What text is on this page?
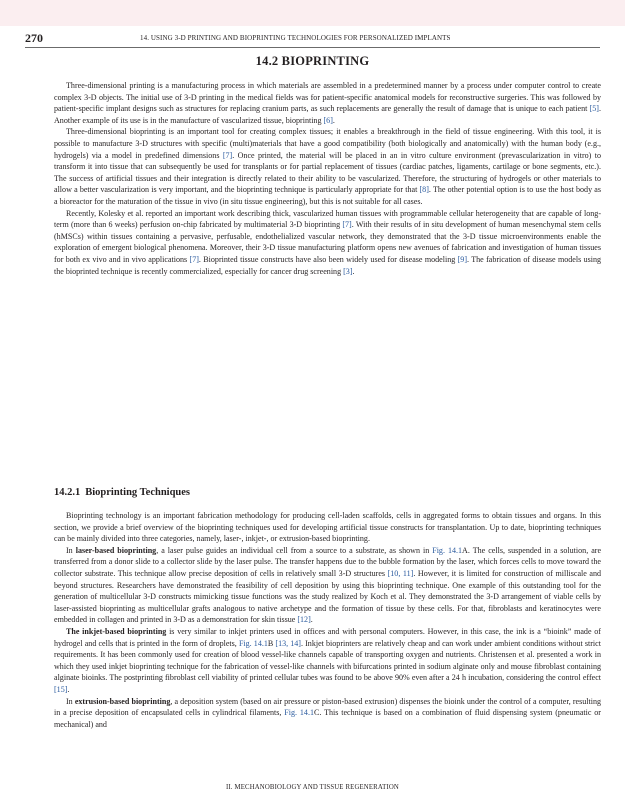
270	14. USING 3-D PRINTING AND BIOPRINTING TECHNOLOGIES FOR PERSONALIZED IMPLANTS
14.2 BIOPRINTING

Three-dimensional printing is a manufacturing process in which materials are assembled in a predetermined manner by a process under computer control to create complex 3-D objects. The initial use of 3-D printing in the medical fields was for patient-specific anatomical models for reconstructive surgeries. This was followed by patient-specific implant designs such as structures for replacing cranium parts, as such replacements are generally the result of damage that is unique to each patient [5]. Another example of its use is in the manufacture of vascularized tissue, bioprinting [6].

Three-dimensional bioprinting is an important tool for creating complex tissues; it enables a breakthrough in the field of tissue engineering. With this tool, it is possible to manufacture 3-D structures with specific (multi)materials that have a good compatibility (both biologically and anatomically) with the human body (e.g., hydrogels) via a model in predefined dimensions [7]. Once printed, the material will be placed in an in vitro culture environment (prevascularization in vitro) to transform it into tissue that can subsequently be used for transplants or for partial replacement of tissues (cardiac patches, ligaments, cartilage or bone segments, etc.). The success of artificial tissues and their integration is directly related to their ability to be vascularized. Therefore, the structuring of hydrogels or other materials to allow a better vascularization is very important, and the bioprinting technique is particularly appropriate for that [8]. The other potential option is to use the host body as a bioreactor for the maturation of the tissue in vivo (in situ tissue engineering), but this is not suitable for all cases.

Recently, Kolesky et al. reported an important work describing thick, vascularized human tissues with programmable cellular heterogeneity that are capable of long-term (more than 6 weeks) perfusion on-chip fabricated by multimaterial 3-D bioprinting [7]. With their results of in situ development of human mesenchymal stem cells (hMSCs) within tissues containing a pervasive, perfusable, endothelialized vascular network, they demonstrated that the 3-D tissue microenvironments enable the exploration of emergent biological phenomena. Moreover, their 3-D tissue manufacturing platform opens new avenues of fabrication and investigation of human tissues for both ex vivo and in vivo applications [7]. Bioprinted tissue constructs have also been widely used for disease modeling [9]. The fabrication of disease models using the bioprinted technique is recently commercialized, especially for cancer drug screening [3].

14.2.1 Bioprinting Techniques

Bioprinting technology is an important fabrication methodology for producing cell-laden scaffolds, cells in aggregated forms to obtain tissues and organs. In this section, we provide a brief overview of the bioprinting techniques used for developing artificial tissue constructs for transplantation. Up to date, bioprinting techniques can be mainly divided into three categories, namely, laser-, inkjet-, or extrusion-based bioprinting.

In laser-based bioprinting, a laser pulse guides an individual cell from a source to a substrate, as shown in Fig. 14.1A. The cells, suspended in a solution, are transferred from a donor slide to a collector slide by the laser pulse. The transfer happens due to the bubble formation by the laser, which forces cells to move toward the collector substrate. This technique allow precise deposition of cells in relatively small 3-D structures [10, 11]. However, it is limited for construction of milliscale and beyond structures. Researchers have demonstrated the feasibility of cell deposition by using this bioprinting technique. One example of this outstanding tool for the generation of multicellular 3-D constructs mimicking tissue functions was the study realized by Koch et al. They demonstrated the 3-D arrangement of viable cells by laser-assisted bioprinting as multicellular grafts analogous to native archetype and the formation of tissue by these cells. For that, fibroblasts and keratinocytes were embedded in collagen and printed in 3-D as a demonstration for skin tissue [12].

The inkjet-based bioprinting is very similar to inkjet printers used in offices and with personal computers. However, in this case, the ink is a “bioink” made of hydrogel and cells that is printed in the form of droplets, Fig. 14.1B [13, 14]. Inkjet bioprinters are relatively cheap and can work under ambient conditions without strict requirements. It has been commonly used for creation of blood vessel-like channels capable of transporting oxygen and nutrients. Christensen et al. presented a work in which they used inkjet bioprinting technique for the fabrication of vessel-like channels with bifurcations printed in sodium alginate only and mouse fibroblast containing alginate bioinks. The postprinting fibroblast cell viability of printed cellular tubes was found to be above 90% even after a 24 h incubation, considering the control effect [15].

In extrusion-based bioprinting, a deposition system (based on air pressure or piston-based extrusion) dispenses the bioink under the control of a computer, resulting in a precise deposition of encapsulated cells in cylindrical filaments, Fig. 14.1C. This technique is based on a combination of fluid dispensing system (pneumatic or mechanical) and

II. MECHANOBIOLOGY AND TISSUE REGENERATION
